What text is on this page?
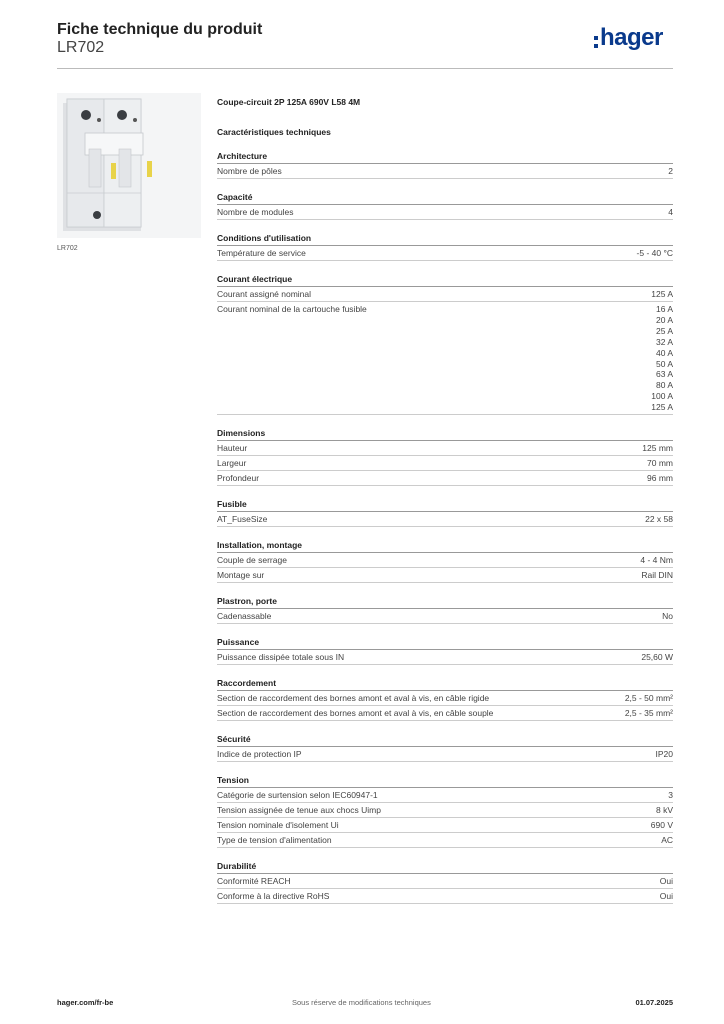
Fiche technique du produit
LR702	hager
LR702
Coupe-circuit 2P 125A 690V L58 4M
Caractéristiques techniques
Architecture
Nombre de pôles	2
Capacité
Nombre de modules	4
Conditions d'utilisation
Température de service	-5 - 40 °C
Courant électrique
Courant assigné nominal	125 A
Courant nominal de la cartouche fusible	16 A
20 A
25 A
32 A
40 A
50 A
63 A
80 A
100 A
125 A
Dimensions
Hauteur	125 mm
Largeur	70 mm
Profondeur	96 mm
Fusible
AT_FuseSize	22 x 58
Installation, montage
Couple de serrage	4 - 4 Nm
Montage sur	Rail DIN
Plastron, porte
Cadenassable	No
Puissance
Puissance dissipée totale sous IN	25,60 W
Raccordement
Section de raccordement des bornes amont et aval à vis, en câble rigide	2,5 - 50 mm²
Section de raccordement des bornes amont et aval à vis, en câble souple	2,5 - 35 mm²
Sécurité
Indice de protection IP	IP20
Tension
Catégorie de surtension selon IEC60947-1	3
Tension assignée de tenue aux chocs Uimp	8 kV
Tension nominale d'isolement Ui	690 V
Type de tension d'alimentation	AC
Durabilité
Conformité REACH	Oui
Conforme à la directive RoHS	Oui
hager.com/fr-be	Sous réserve de modifications techniques	01.07.2025
